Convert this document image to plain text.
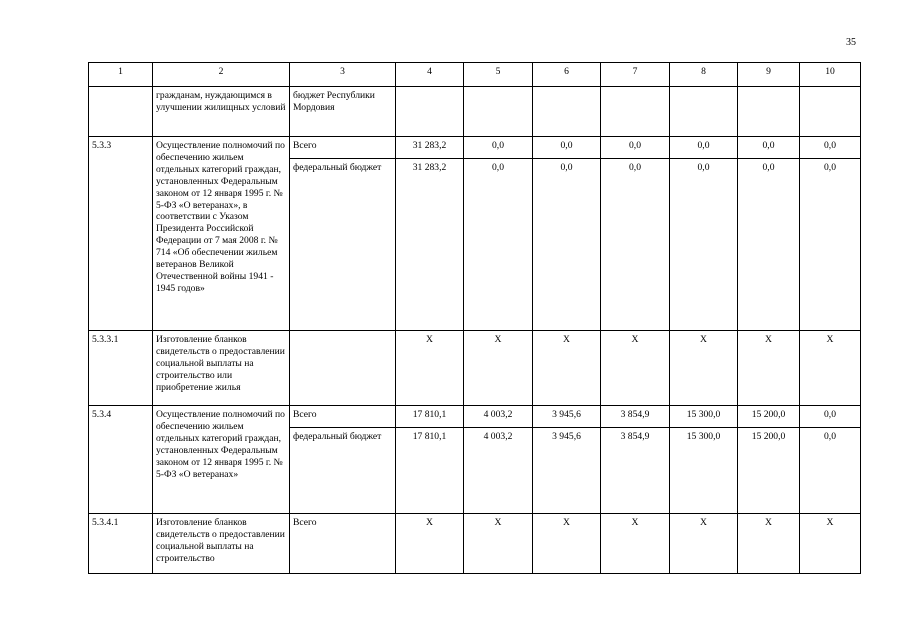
35
1	2	3	4	5	6	7	8	9	10
	гражданам, нуждающимся в улучшении жилищных условий	бюджет Республики Мордовия							
5.3.3	Осуществление полномочий по обеспечению жильем отдельных категорий граждан, установленных Федеральным законом от 12 января 1995 г. № 5-ФЗ «О ветеранах», в соответствии с Указом Президента Российской Федерации от 7 мая 2008 г. № 714 «Об обеспечении жильем ветеранов Великой Отечественной войны 1941 - 1945 годов»	Всего	31 283,2	0,0	0,0	0,0	0,0	0,0	0,0
		федеральный бюджет	31 283,2	0,0	0,0	0,0	0,0	0,0	0,0
5.3.3.1	Изготовление бланков свидетельств о предоставлении социальной выплаты на строительство или приобретение жилья		X	X	X	X	X	X	X
5.3.4	Осуществление полномочий по обеспечению жильем отдельных категорий граждан, установленных Федеральным законом от 12 января 1995 г. № 5-ФЗ «О ветеранах»	Всего	17 810,1	4 003,2	3 945,6	3 854,9	15 300,0	15 200,0	0,0
		федеральный бюджет	17 810,1	4 003,2	3 945,6	3 854,9	15 300,0	15 200,0	0,0
5.3.4.1	Изготовление бланков свидетельств о предоставлении социальной выплаты на строительство	Всего	X	X	X	X	X	X	X
